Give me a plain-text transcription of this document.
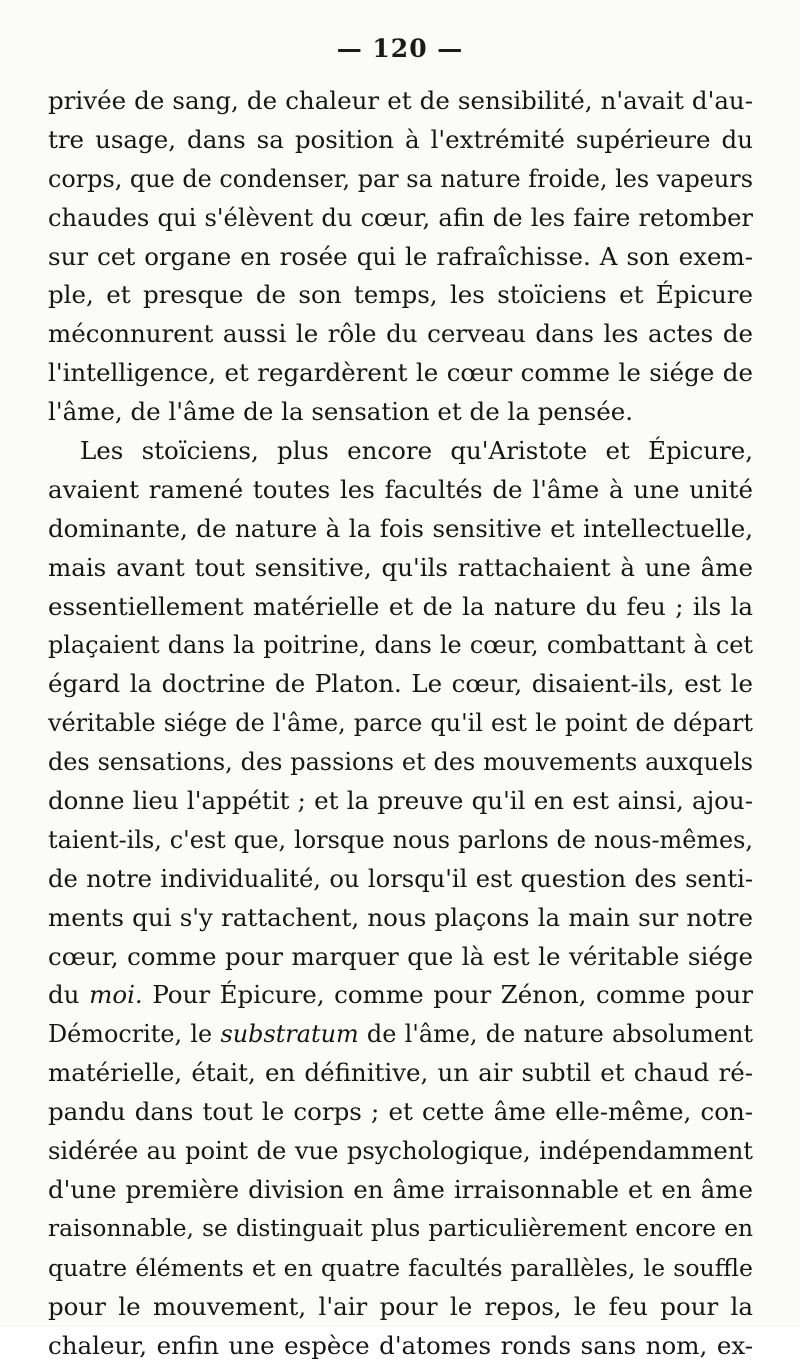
— 120 —
privée de sang, de chaleur et de sensibilité, n'avait d'au-
tre usage, dans sa position à l'extrémité supérieure du
corps, que de condenser, par sa nature froide, les vapeurs
chaudes qui s'élèvent du cœur, afin de les faire retomber
sur cet organe en rosée qui le rafraîchisse. A son exem-
ple, et presque de son temps, les stoïciens et Épicure
méconnurent aussi le rôle du cerveau dans les actes de
l'intelligence, et regardèrent le cœur comme le siége de
l'âme, de l'âme de la sensation et de la pensée.
Les stoïciens, plus encore qu'Aristote et Épicure,
avaient ramené toutes les facultés de l'âme à une unité
dominante, de nature à la fois sensitive et intellectuelle,
mais avant tout sensitive, qu'ils rattachaient à une âme
essentiellement matérielle et de la nature du feu ; ils la
plaçaient dans la poitrine, dans le cœur, combattant à cet
égard la doctrine de Platon. Le cœur, disaient-ils, est le
véritable siége de l'âme, parce qu'il est le point de départ
des sensations, des passions et des mouvements auxquels
donne lieu l'appétit ; et la preuve qu'il en est ainsi, ajou-
taient-ils, c'est que, lorsque nous parlons de nous-mêmes,
de notre individualité, ou lorsqu'il est question des senti-
ments qui s'y rattachent, nous plaçons la main sur notre
cœur, comme pour marquer que là est le véritable siége
du moi. Pour Épicure, comme pour Zénon, comme pour
Démocrite, le substratum de l'âme, de nature absolument
matérielle, était, en définitive, un air subtil et chaud ré-
pandu dans tout le corps ; et cette âme elle-même, con-
sidérée au point de vue psychologique, indépendamment
d'une première division en âme irraisonnable et en âme
raisonnable, se distinguait plus particulièrement encore en
quatre éléments et en quatre facultés parallèles, le souffle
pour le mouvement, l'air pour le repos, le feu pour la
chaleur, enfin une espèce d'atomes ronds sans nom, ex-
